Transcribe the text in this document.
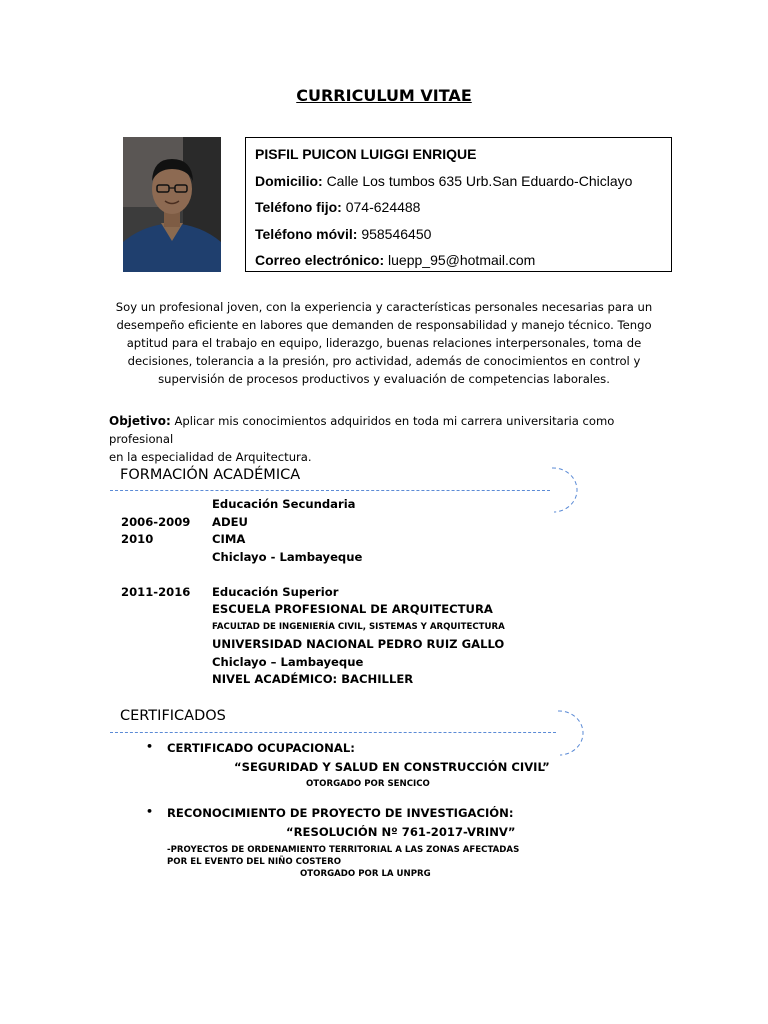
CURRICULUM VITAE
PISFIL PUICON LUIGGI ENRIQUE
Domicilio: Calle Los tumbos 635 Urb.San Eduardo-Chiclayo
Teléfono fijo: 074-624488
Teléfono móvil: 958546450
Correo electrónico: luepp_95@hotmail.com
Soy un profesional joven, con la experiencia y características personales necesarias para un
desempeño eficiente en labores que demanden de responsabilidad y manejo técnico. Tengo
aptitud para el trabajo en equipo, liderazgo, buenas relaciones interpersonales, toma de
decisiones, tolerancia a la presión, pro actividad, además de conocimientos en control y
supervisión de procesos productivos y evaluación de competencias laborales.
Objetivo: Aplicar mis conocimientos adquiridos en toda mi carrera universitaria como profesional
en la especialidad de Arquitectura.
FORMACIÓN ACADÉMICA
Educación Secundaria
2006-2009 ADEU
2010	CIMA
Chiclayo - Lambayeque
2011-2016 Educación Superior
ESCUELA PROFESIONAL DE ARQUITECTURA
FACULTAD DE INGENIERÍA CIVIL, SISTEMAS Y ARQUITECTURA
UNIVERSIDAD NACIONAL PEDRO RUIZ GALLO
Chiclayo – Lambayeque
NIVEL ACADÉMICO: BACHILLER
CERTIFICADOS
• CERTIFICADO OCUPACIONAL:
“SEGURIDAD Y SALUD EN CONSTRUCCIÓN CIVIL”
OTORGADO POR SENCICO
• RECONOCIMIENTO DE PROYECTO DE INVESTIGACIÓN:
“RESOLUCIÓN Nº 761-2017-VRINV”
-PROYECTOS DE ORDENAMIENTO TERRITORIAL A LAS ZONAS AFECTADAS
POR EL EVENTO DEL NIÑO COSTERO
OTORGADO POR LA UNPRG
